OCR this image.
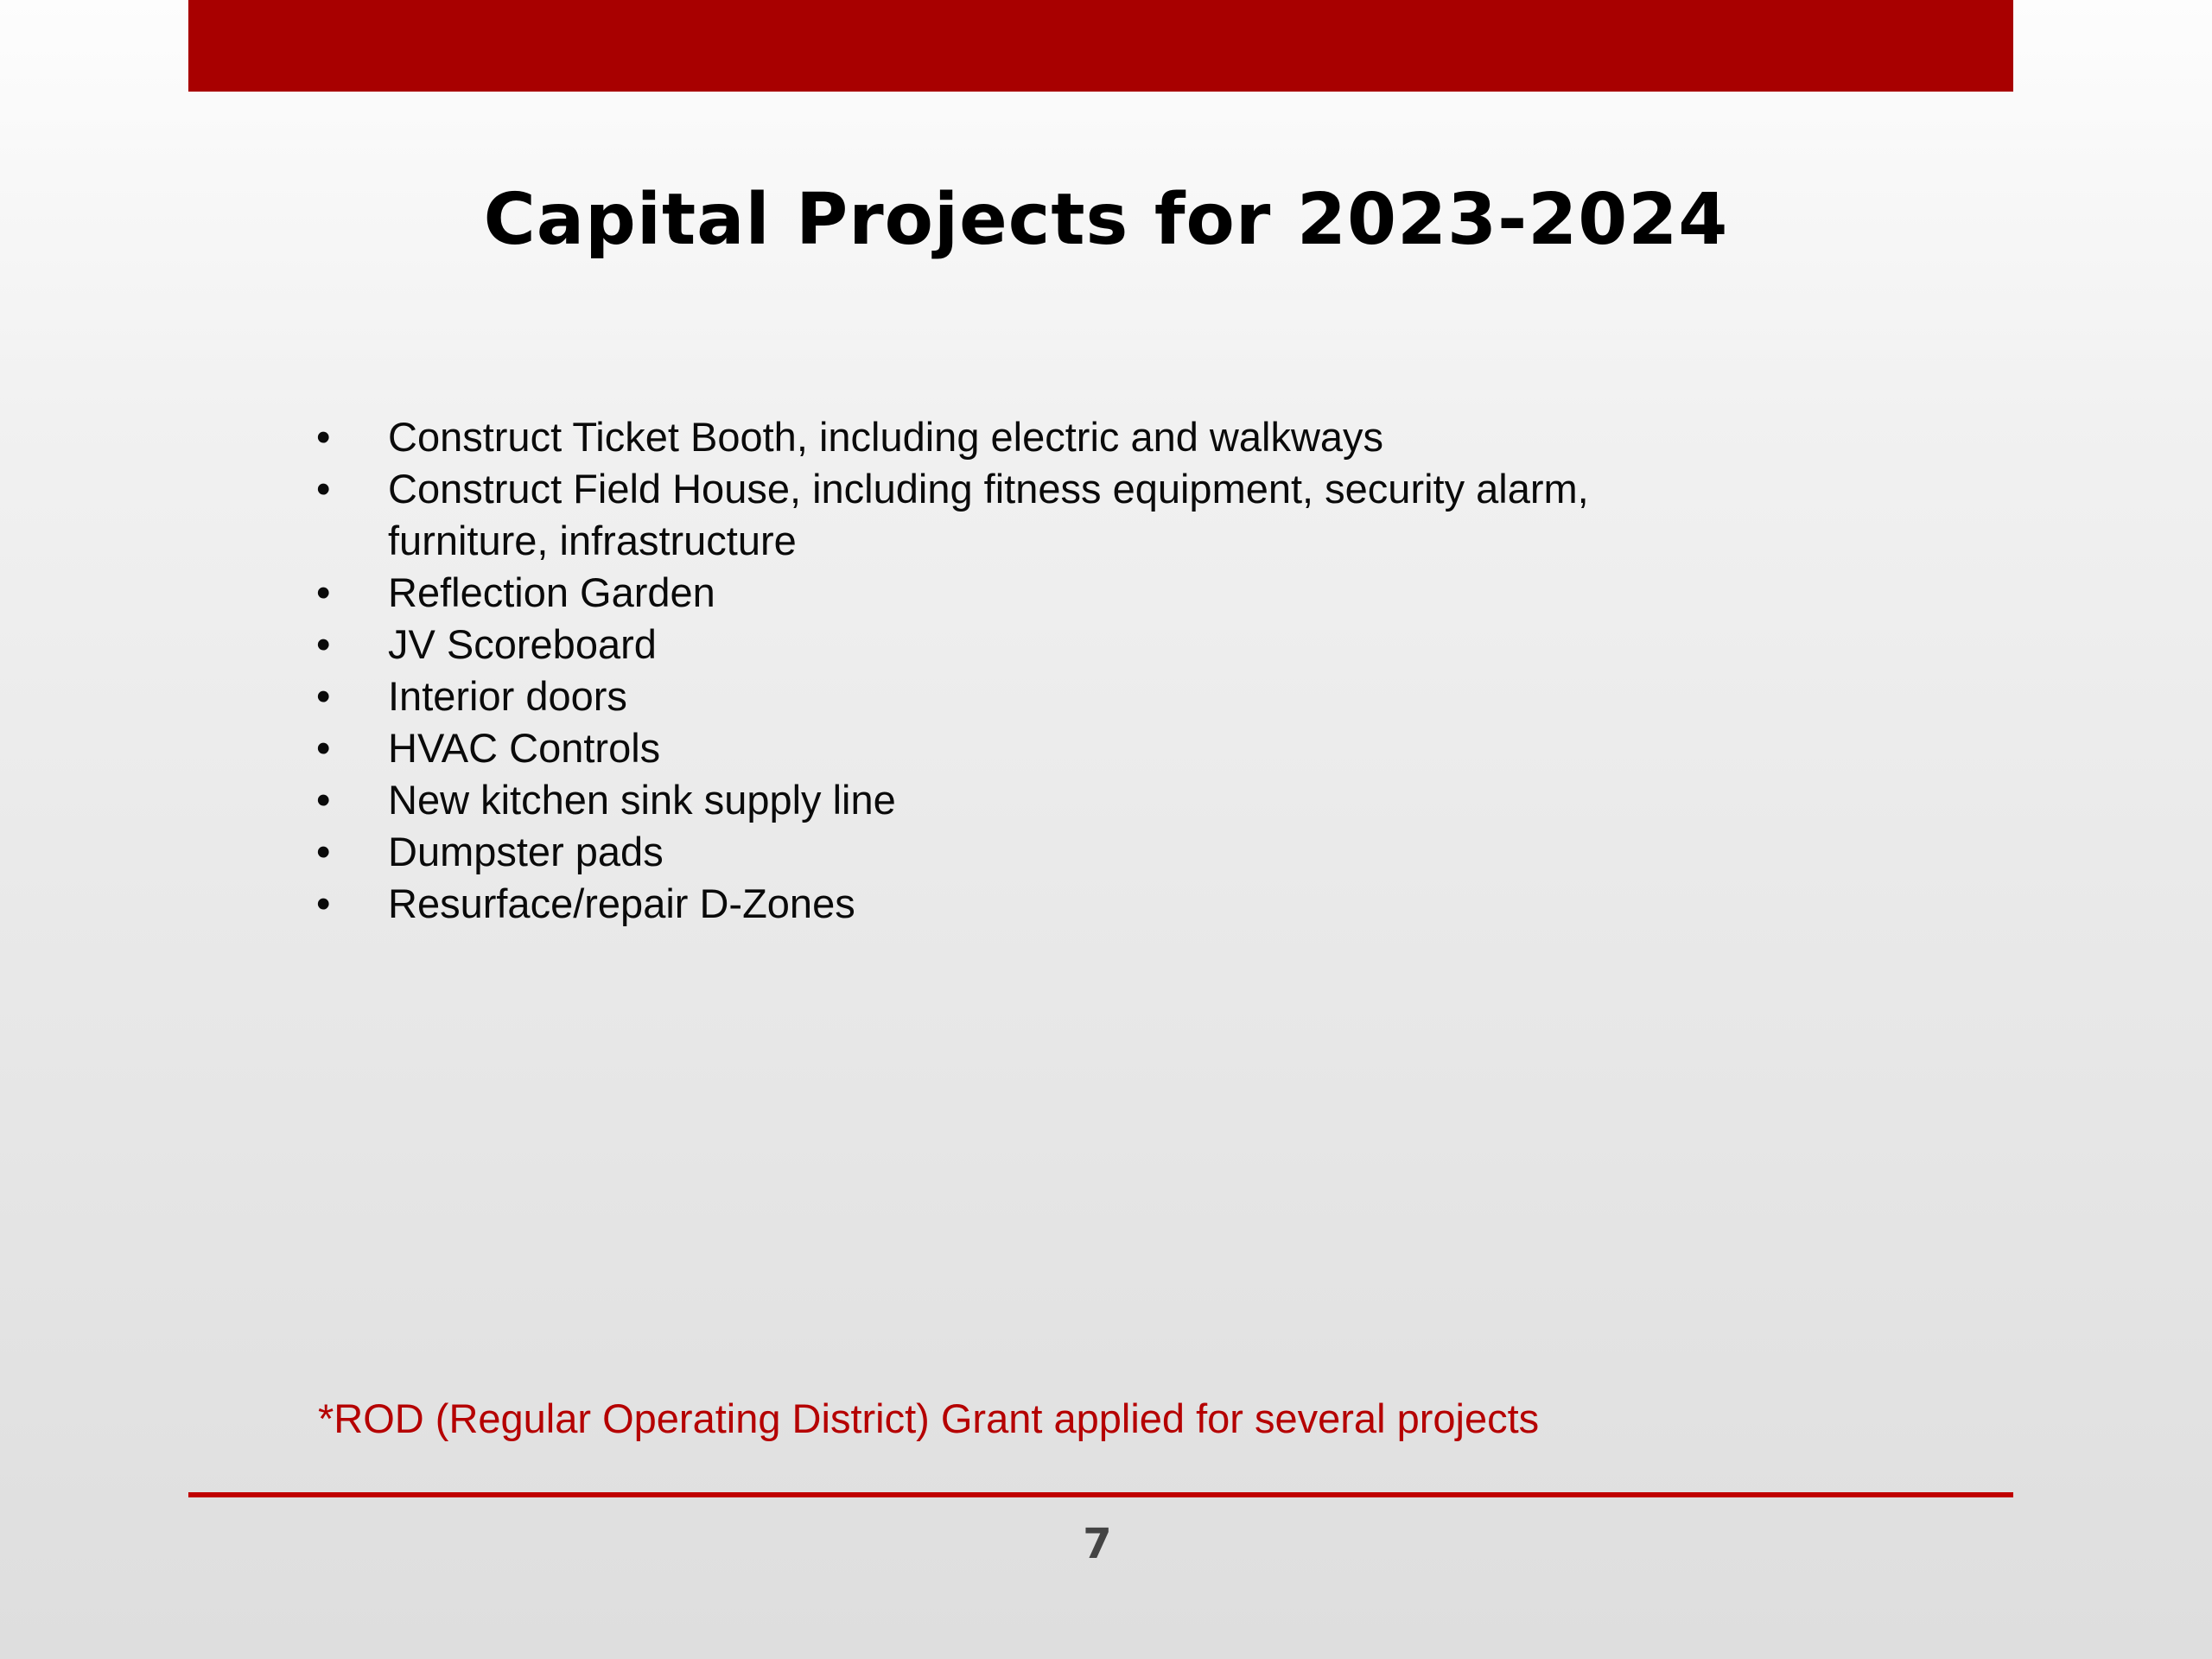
Capital Projects for 2023-2024
•	Construct Ticket Booth, including electric and walkways
•	Construct Field House, including fitness equipment, security alarm, furniture, infrastructure
•	Reflection Garden
•	JV Scoreboard
•	Interior doors
•	HVAC Controls
•	New kitchen sink supply line
•	Dumpster pads
•	Resurface/repair D-Zones

*ROD (Regular Operating District) Grant applied for several projects

7
